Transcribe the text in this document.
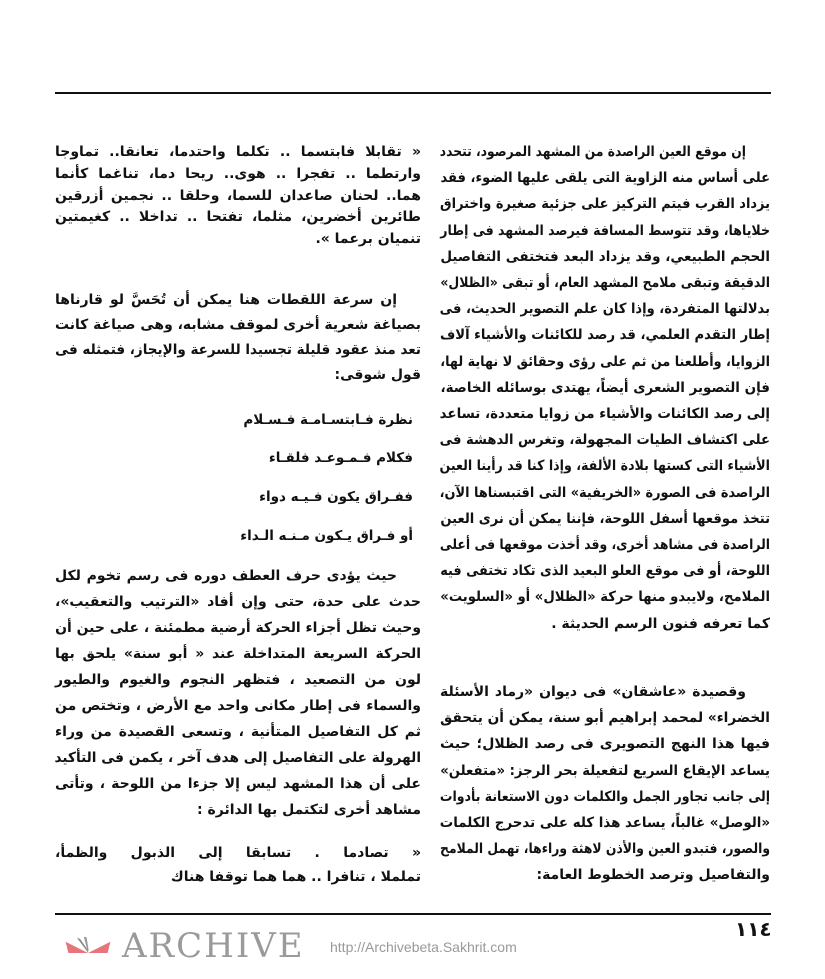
إن موقع العين الراصدة من المشهد المرصود، تتحدد
على أساس منه الزاوية التى يلقى عليها الضوء، فقد
يزداد القرب فيتم التركيز على جزئية صغيرة واختراق
خلاياها، وقد تتوسط المسافة فيرصد المشهد فى إطار
الحجم الطبيعي، وقد يزداد البعد فتختفى التفاصيل
الدقيقة وتبقى ملامح المشهد العام، أو تبقى «الظلال»
بدلالتها المتفردة، وإذا كان علم التصوير الحديث، فى
إطار التقدم العلمي، قد رصد للكائنات والأشياء آلاف
الزوايا، وأطلعنا من ثم على رؤى وحقائق لا نهاية لها،
فإن التصوير الشعرى أيضاً، يهتدى بوسائله الخاصة،
إلى رصد الكائنات والأشياء من زوايا متعددة، تساعد
على اكتشاف الطيات المجهولة، وتغرس الدهشة فى
الأشياء التى كستها بلادة الألفة، وإذا كنا قد رأينا العين
الراصدة فى الصورة «الخريفية» التى اقتبسناها الآن،
تتخذ موقعها أسفل اللوحة، فإننا يمكن أن نرى العين
الراصدة فى مشاهد أخرى، وقد أخذت موقعها فى أعلى
اللوحة، أو فى موقع العلو البعيد الذى تكاد تختفى فيه
الملامح، ولايبدو منها حركة «الظلال» أو «السلويت»
كما تعرفه فنون الرسم الحديثة .
وقصيدة «عاشقان» فى ديوان «رماد الأسئلة
الخضراء» لمحمد إبراهيم أبو سنة، يمكن أن يتحقق
فيها هذا النهج التصويرى فى رصد الظلال؛ حيث
يساعد الإيقاع السريع لتفعيلة بحر الرجز: «متفعلن»
إلى جانب تجاور الجمل والكلمات دون الاستعانة بأدوات
«الوصل» غالباً، يساعد هذا كله على تدحرج الكلمات
والصور، فتبدو العين والأذن لاهثة وراءها، تهمل الملامح
والتفاصيل وترصد الخطوط العامة:
« تقابلا فابتسما .. تكلما واحتدما، تعانقا.. تماوجا
وارتطما .. تفجرا .. هوى.. ريحا دما، تناغما كأنما
هما.. لحنان صاعدان للسما، وحلقا .. نجمين أزرقين
طائرين أخضرين، مثلما، تفتحا .. تداخلا .. كغيمتين
تنميان برعما ».
إن سرعة اللقطات هنا يمكن أن تُحَسَّ لو قارناها
بصياغة شعرية أخرى لموقف مشابه، وهى صياغة كانت
تعد منذ عقود قليلة تجسيدا للسرعة والإيجاز، فتمثله فى
قول شوقى:
نظرة فـابتسـامـة فـسـلام
فكلام فـمـوعـد فلقـاء
ففـراق يكون فـيـه دواء
أو فـراق يـكون مـنـه الـداء
حيث يؤدى حرف العطف دوره فى رسم تخوم لكل
حدث على حدة، حتى وإن أفاد «الترتيب والتعقيب»،
وحيث تظل أجزاء الحركة أرضية مطمئنة ، على حين أن
الحركة السريعة المتداخلة عند « أبو سنة» يلحق بها
لون من التصعيد ، فتظهر النجوم والغيوم والطيور
والسماء فى إطار مكانى واحد مع الأرض ، وتختص من
ثم كل التفاصيل المتأنية ، وتسعى القصيدة من وراء
الهرولة على التفاصيل إلى هدف آخر ، يكمن فى التأكيد
على أن هذا المشهد ليس إلا جزءا من اللوحة ، وتأتى
مشاهد أخرى لتكتمل بها الدائرة :
« تصادما . تسابقا إلى الذبول والظمأ،
تململا ، تنافرا .. هما هما توقفا هناك
ARCHIVE http://Archivebeta.Sakhrit.com
١١٤
